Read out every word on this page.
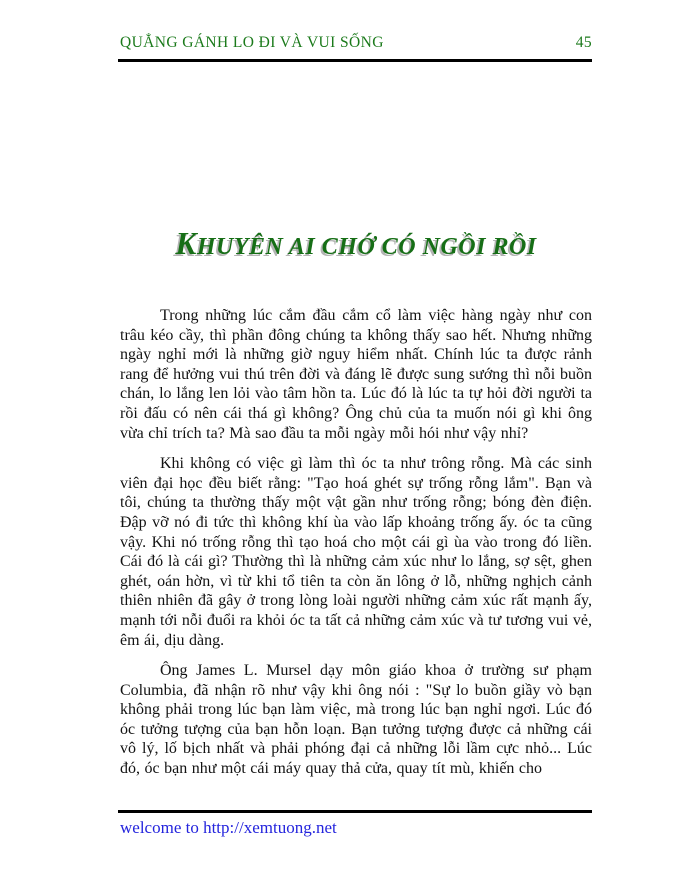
QUẲNG GÁNH LO ĐI VÀ VUI SỐNG	45
KHUYÊN AI CHỚ CÓ NGỒI RỒI

Trong những lúc cắm đầu cắm cổ làm việc hàng ngày như con trâu kéo cầy, thì phần đông chúng ta không thấy sao hết. Nhưng những ngày nghỉ mới là những giờ nguy hiểm nhất. Chính lúc ta được rảnh rang để hưởng vui thú trên đời và đáng lẽ được sung sướng thì nỗi buồn chán, lo lắng len lỏi vào tâm hồn ta. Lúc đó là lúc ta tự hỏi đời người ta rồi đấu có nên cái thá gì không? Ông chủ của ta muốn nói gì khi ông vừa chỉ trích ta? Mà sao đầu ta mỗi ngày mỗi hói như vậy nhỉ?

Khi không có việc gì làm thì óc ta như trông rỗng. Mà các sinh viên đại học đều biết rằng: "Tạo hoá ghét sự trống rỗng lắm". Bạn và tôi, chúng ta thường thấy một vật gần như trống rỗng; bóng đèn điện. Đập vỡ nó đi tức thì không khí ùa vào lấp khoảng trống ấy. óc ta cũng vậy. Khi nó trống rỗng thì tạo hoá cho một cái gì ùa vào trong đó liền. Cái đó là cái gì? Thường thì là những cảm xúc như lo lắng, sợ sệt, ghen ghét, oán hờn, vì từ khi tổ tiên ta còn ăn lông ở lỗ, những nghịch cảnh thiên nhiên đã gây ở trong lòng loài người những cảm xúc rất mạnh ấy, mạnh tới nỗi đuổi ra khỏi óc ta tất cả những cảm xúc và tư tương vui vẻ, êm ái, dịu dàng.

Ông James L. Mursel dạy môn giáo khoa ở trường sư phạm Columbia, đã nhận rõ như vậy khi ông nói : "Sự lo buồn giầy vò bạn không phải trong lúc bạn làm việc, mà trong lúc bạn nghỉ ngơi. Lúc đó óc tưởng tượng của bạn hỗn loạn. Bạn tưởng tượng được cả những cái vô lý, lố bịch nhất và phải phóng đại cả những lỗi lầm cực nhỏ... Lúc đó, óc bạn như một cái máy quay thả cửa, quay tít mù, khiến cho

welcome to http://xemtuong.net
